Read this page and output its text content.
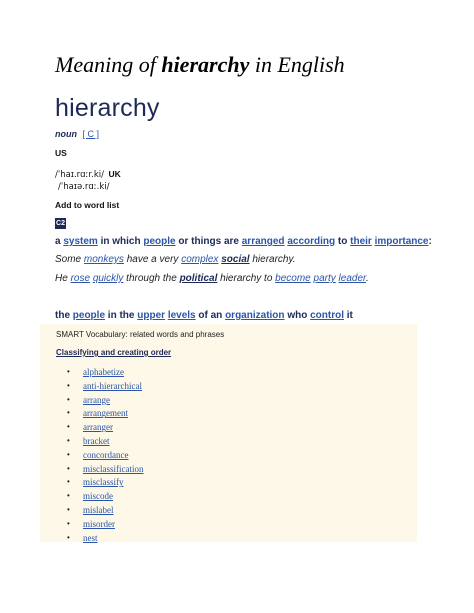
Meaning of hierarchy in English
hierarchy
noun [ C ]
US
/ˈhaɪ.rɑːr.ki/ UK
/ˈhaɪə.rɑː.ki/
Add to word list
C2
a system in which people or things are arranged according to their importance:
Some monkeys have a very complex social hierarchy.
He rose quickly through the political hierarchy to become party leader.
the people in the upper levels of an organization who control it
SMART Vocabulary: related words and phrases
Classifying and creating order
• alphabetize
• anti-hierarchical
• arrange
• arrangement
• arranger
• bracket
• concordance
• misclassification
• misclassify
• miscode
• mislabel
• misorder
• nest
